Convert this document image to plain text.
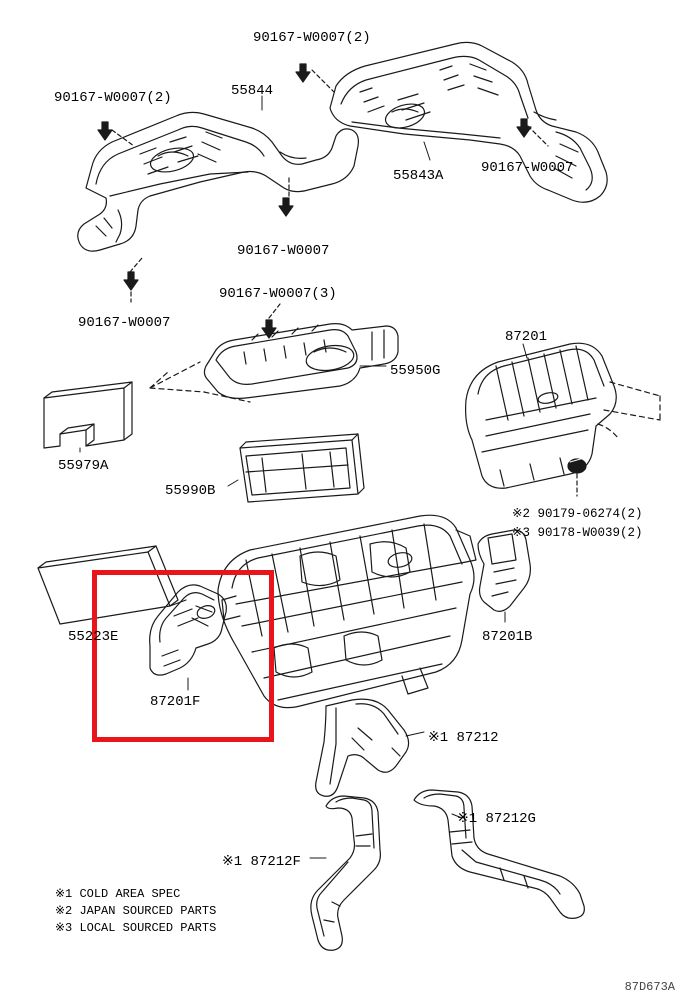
90167-W0007(2)
90167-W0007(2)	55844
55843A	90167-W0007
90167-W0007
90167-W0007(3)
90167-W0007
55950G
87201
55979A
55990B
※2 90179-06274(2)
※3 90178-W0039(2)
55223E
87201F
87201B
※1 87212
※1 87212G
※1 87212F
※1 COLD AREA SPEC
※2 JAPAN SOURCED PARTS
※3 LOCAL SOURCED PARTS
87D673A
